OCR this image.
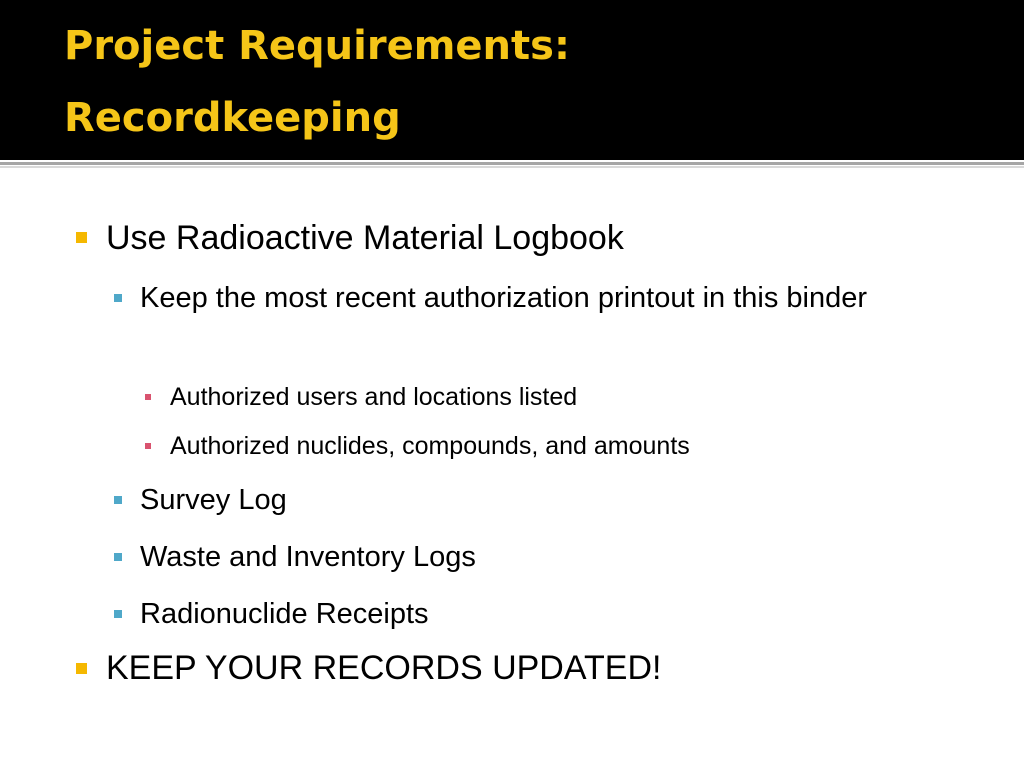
Project Requirements:
Recordkeeping
Use Radioactive Material Logbook
Keep the most recent authorization printout in this binder
Authorized users and locations listed
Authorized nuclides, compounds, and amounts
Survey Log
Waste and Inventory Logs
Radionuclide Receipts
KEEP YOUR RECORDS UPDATED!
